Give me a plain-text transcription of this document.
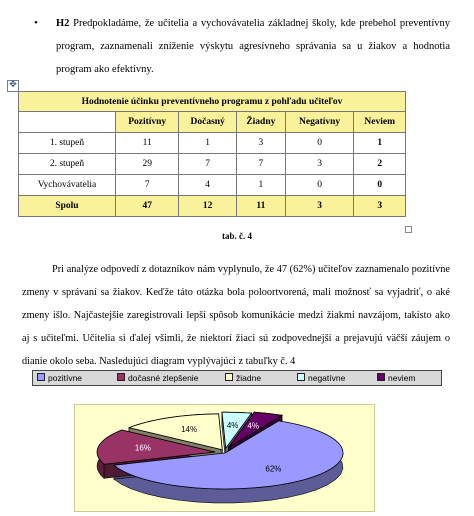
• H2 Predpokladáme, že učitelia a vychovávatelia základnej školy, kde prebehol preventívny program, zaznamenali zníženie výskytu agresívneho správania sa u žiakov a hodnotia program ako efektívny.

✥
Hodnotenie účinku preventívneho programu z pohľadu učiteľov					
	Pozitívny	Dočasný	Žiadny	Negatívny	Neviem
1. stupeň	11	1	3	0	1
2. stupeň	29	7	7	3	2
Vychovávatelia	7	4	1	0	0
Spolu	47	12	11	3	3
tab. č. 4

Pri analýze odpovedí z dotazníkov nám vyplynulo, že 47 (62%) učiteľov zaznamenalo pozitívne zmeny v správaní sa žiakov. Keďže táto otázka bola poloortvorená, mali možnosť sa vyjadriť, o aké zmeny išlo. Najčastejšie zaregistrovali lepší spôsob komunikácie medzi žiakmi navzájom, takisto ako aj s učiteľmi. Učitelia si ďalej všimli, že niektorí žiaci sú zodpovednejší a prejavujú väčší záujem o dianie okolo seba. Nasledujúci diagram vyplývajúci z tabuľky č. 4

pozitívne	dočasné zlepšenie	žiadne	negatívne	neviem
62%
16%
14%	4% 4%
